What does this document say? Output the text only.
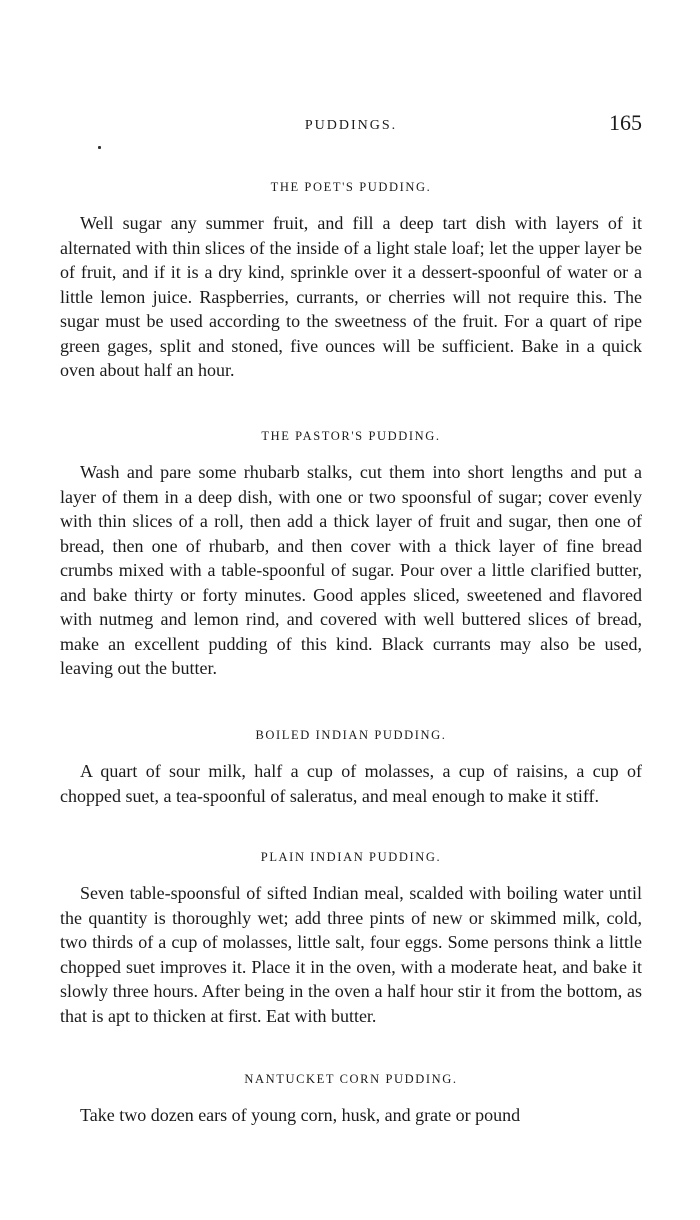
PUDDINGS.	165
THE POET'S PUDDING.

Well sugar any summer fruit, and fill a deep tart dish with layers of it alternated with thin slices of the inside of a light stale loaf; let the upper layer be of fruit, and if it is a dry kind, sprinkle over it a dessert-spoonful of water or a little lemon juice. Raspberries, currants, or cherries will not require this. The sugar must be used according to the sweetness of the fruit. For a quart of ripe green gages, split and stoned, five ounces will be sufficient. Bake in a quick oven about half an hour.

THE PASTOR'S PUDDING.

Wash and pare some rhubarb stalks, cut them into short lengths and put a layer of them in a deep dish, with one or two spoonsful of sugar; cover evenly with thin slices of a roll, then add a thick layer of fruit and sugar, then one of bread, then one of rhubarb, and then cover with a thick layer of fine bread crumbs mixed with a table-spoonful of sugar. Pour over a little clarified butter, and bake thirty or forty minutes. Good apples sliced, sweetened and flavored with nutmeg and lemon rind, and covered with well buttered slices of bread, make an excellent pudding of this kind. Black currants may also be used, leaving out the butter.

BOILED INDIAN PUDDING.

A quart of sour milk, half a cup of molasses, a cup of raisins, a cup of chopped suet, a tea-spoonful of saleratus, and meal enough to make it stiff.

PLAIN INDIAN PUDDING.

Seven table-spoonsful of sifted Indian meal, scalded with boiling water until the quantity is thoroughly wet; add three pints of new or skimmed milk, cold, two thirds of a cup of molasses, little salt, four eggs. Some persons think a little chopped suet improves it. Place it in the oven, with a moderate heat, and bake it slowly three hours. After being in the oven a half hour stir it from the bottom, as that is apt to thicken at first. Eat with butter.

NANTUCKET CORN PUDDING.

Take two dozen ears of young corn, husk, and grate or pound
